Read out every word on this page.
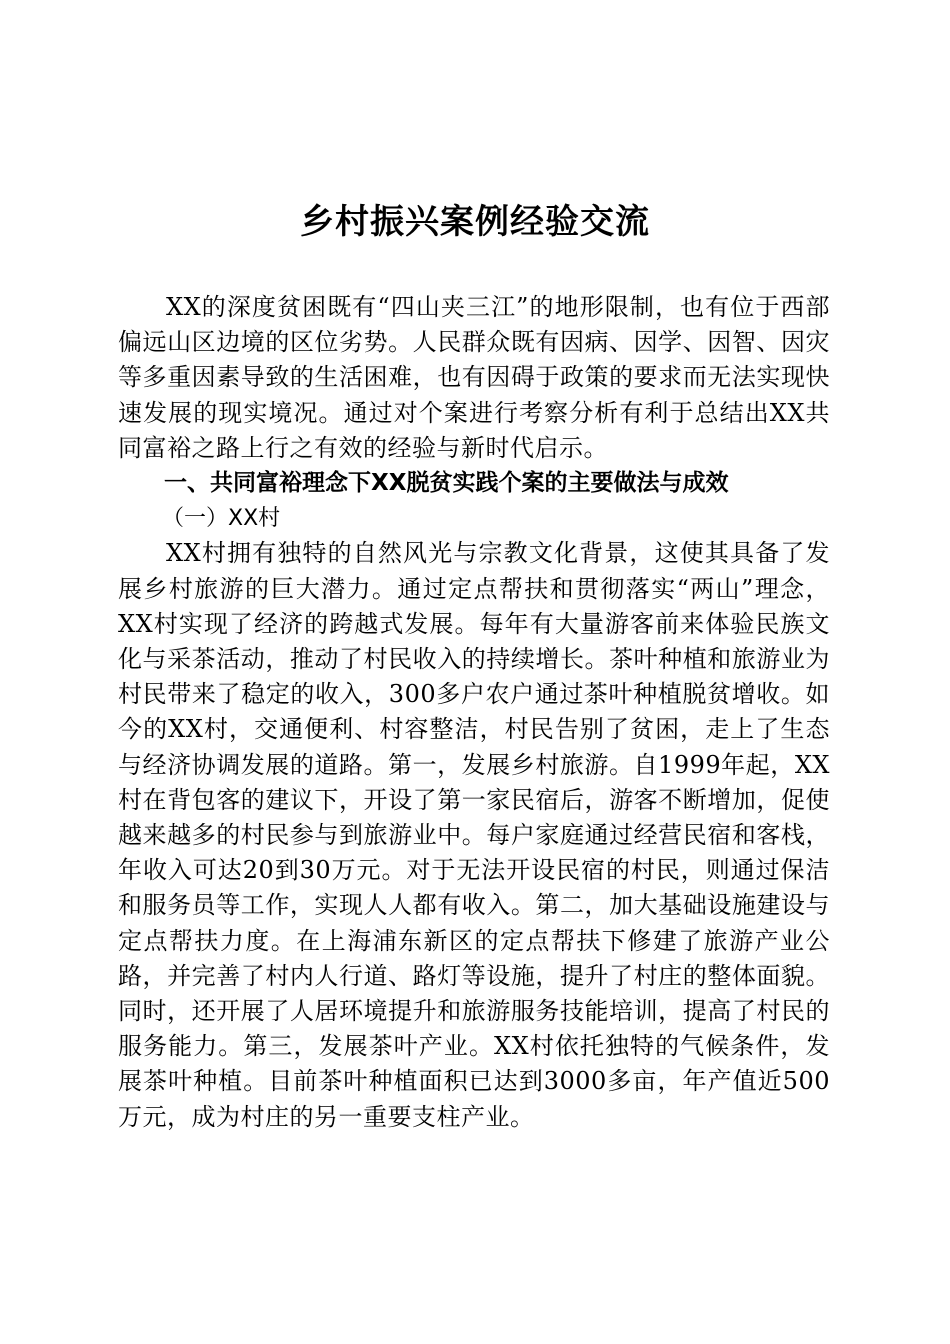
乡村振兴案例经验交流

XX的深度贫困既有“四山夹三江”的地形限制，也有位于西部偏远山区边境的区位劣势。人民群众既有因病、因学、因智、因灾等多重因素导致的生活困难，也有因碍于政策的要求而无法实现快速发展的现实境况。通过对个案进行考察分析有利于总结出XX共同富裕之路上行之有效的经验与新时代启示。

一、共同富裕理念下XX脱贫实践个案的主要做法与成效

（一）XX村

XX村拥有独特的自然风光与宗教文化背景，这使其具备了发展乡村旅游的巨大潜力。通过定点帮扶和贯彻落实“两山”理念，XX村实现了经济的跨越式发展。每年有大量游客前来体验民族文化与采茶活动，推动了村民收入的持续增长。茶叶种植和旅游业为村民带来了稳定的收入，300多户农户通过茶叶种植脱贫增收。如今的XX村，交通便利、村容整洁，村民告别了贫困，走上了生态与经济协调发展的道路。第一，发展乡村旅游。自1999年起，XX村在背包客的建议下，开设了第一家民宿后，游客不断增加，促使越来越多的村民参与到旅游业中。每户家庭通过经营民宿和客栈，年收入可达20到30万元。对于无法开设民宿的村民，则通过保洁和服务员等工作，实现人人都有收入。第二，加大基础设施建设与定点帮扶力度。在上海浦东新区的定点帮扶下修建了旅游产业公路，并完善了村内人行道、路灯等设施，提升了村庄的整体面貌。同时，还开展了人居环境提升和旅游服务技能培训，提高了村民的服务能力。第三，发展茶叶产业。XX村依托独特的气候条件，发展茶叶种植。目前茶叶种植面积已达到3000多亩，年产值近500万元，成为村庄的另一重要支柱产业。
